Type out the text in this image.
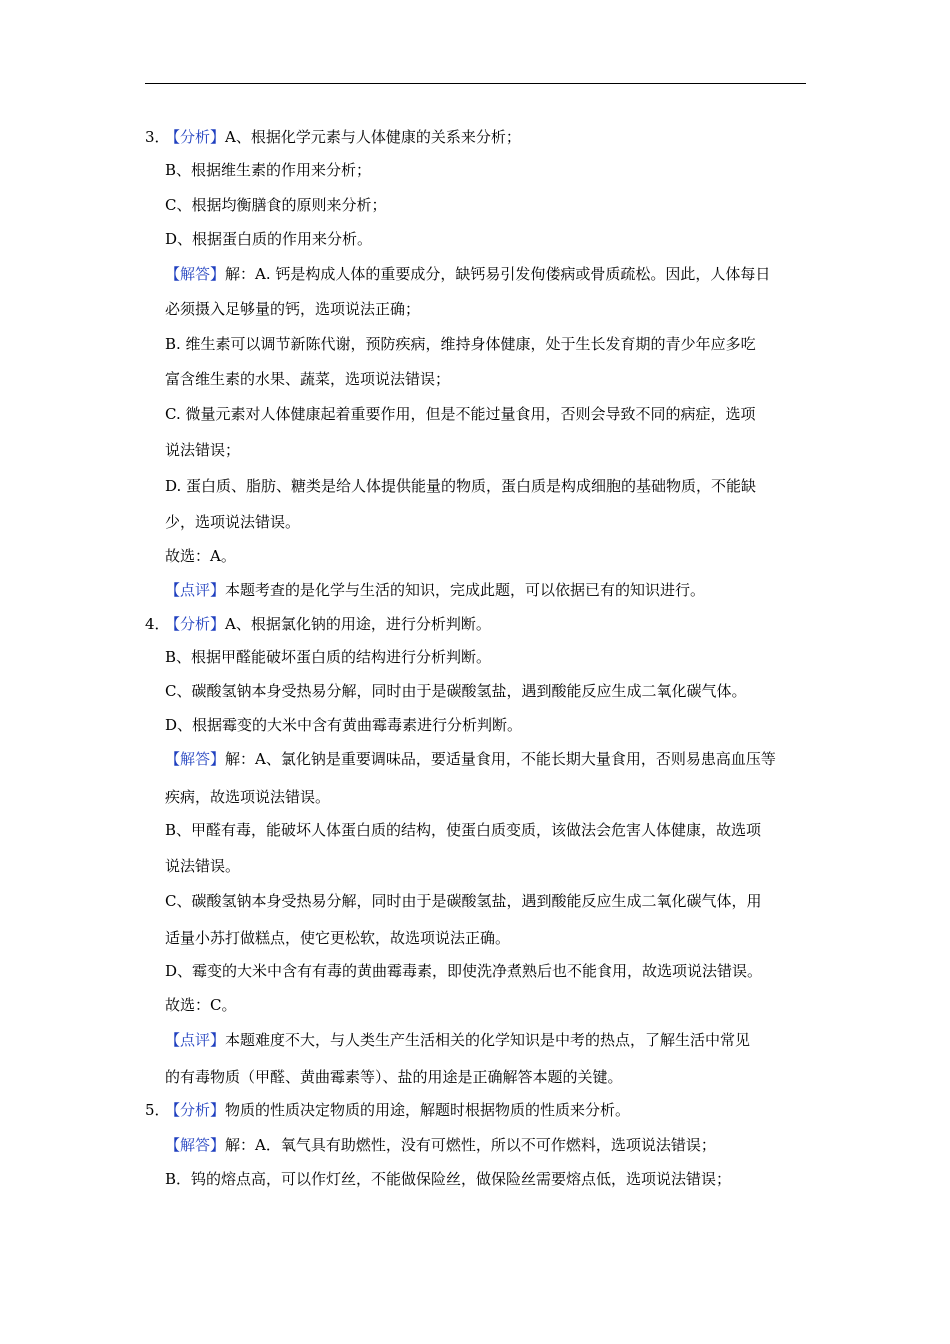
3．【分析】A、根据化学元素与人体健康的关系来分析；
B、根据维生素的作用来分析；
C、根据均衡膳食的原则来分析；
D、根据蛋白质的作用来分析。
【解答】解：A. 钙是构成人体的重要成分，缺钙易引发佝偻病或骨质疏松。因此，人体每日
必须摄入足够量的钙，选项说法正确；
B. 维生素可以调节新陈代谢，预防疾病，维持身体健康，处于生长发育期的青少年应多吃
富含维生素的水果、蔬菜，选项说法错误；
C. 微量元素对人体健康起着重要作用，但是不能过量食用，否则会导致不同的病症，选项
说法错误；
D. 蛋白质、脂肪、糖类是给人体提供能量的物质，蛋白质是构成细胞的基础物质，不能缺
少，选项说法错误。
故选：A。
【点评】本题考查的是化学与生活的知识，完成此题，可以依据已有的知识进行。
4．【分析】A、根据氯化钠的用途，进行分析判断。
B、根据甲醛能破坏蛋白质的结构进行分析判断。
C、碳酸氢钠本身受热易分解，同时由于是碳酸氢盐，遇到酸能反应生成二氧化碳气体。
D、根据霉变的大米中含有黄曲霉毒素进行分析判断。
【解答】解：A、氯化钠是重要调味品，要适量食用，不能长期大量食用，否则易患高血压等
疾病，故选项说法错误。
B、甲醛有毒，能破坏人体蛋白质的结构，使蛋白质变质，该做法会危害人体健康，故选项
说法错误。
C、碳酸氢钠本身受热易分解，同时由于是碳酸氢盐，遇到酸能反应生成二氧化碳气体，用
适量小苏打做糕点，使它更松软，故选项说法正确。
D、霉变的大米中含有有毒的黄曲霉毒素，即使洗净煮熟后也不能食用，故选项说法错误。
故选：C。
【点评】本题难度不大，与人类生产生活相关的化学知识是中考的热点，了解生活中常见
的有毒物质（甲醛、黄曲霉素等）、盐的用途是正确解答本题的关键。
5．【分析】物质的性质决定物质的用途，解题时根据物质的性质来分析。
【解答】解：A．氧气具有助燃性，没有可燃性，所以不可作燃料，选项说法错误；
B．钨的熔点高，可以作灯丝，不能做保险丝，做保险丝需要熔点低，选项说法错误；
